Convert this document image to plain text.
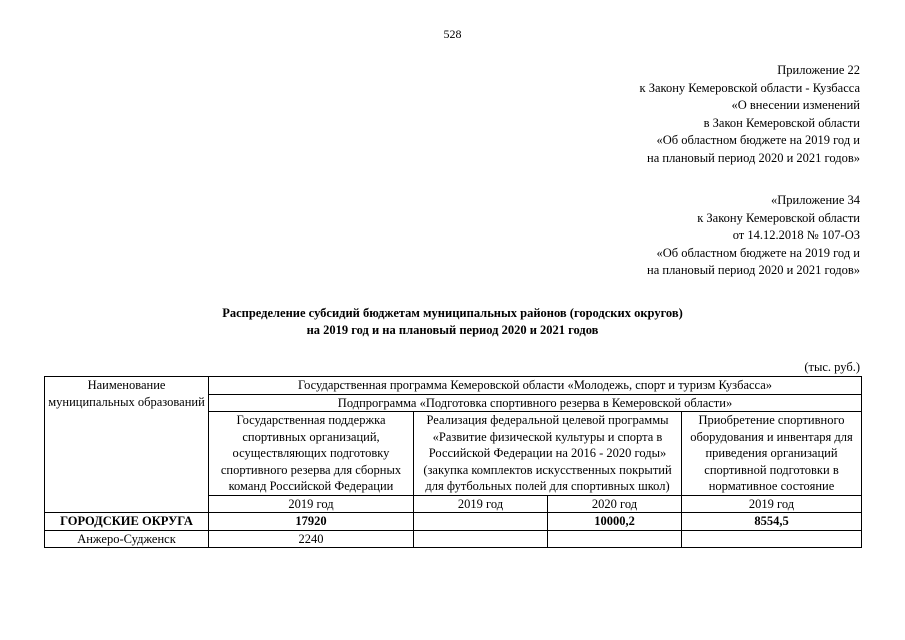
528
Приложение 22
к Закону Кемеровской области - Кузбасса
«О внесении изменений
в Закон Кемеровской области
«Об областном бюджете на 2019 год и
на плановый период 2020 и 2021 годов»
«Приложение 34
к Закону Кемеровской области
от 14.12.2018 № 107-ОЗ
«Об областном бюджете на 2019 год и
на плановый период 2020 и 2021 годов»
Распределение субсидий бюджетам муниципальных районов (городских округов)
на 2019 год и на плановый период 2020 и 2021 годов
(тыс. руб.)
Наименование муниципальных образований	Государственная программа Кемеровской области «Молодежь, спорт и туризм Кузбасса»			
	Подпрограмма «Подготовка спортивного резерва в Кемеровской области»			
	Государственная поддержка спортивных организаций, осуществляющих подготовку спортивного резерва для сборных команд Российской Федерации	Реализация федеральной целевой программы «Развитие физической культуры и спорта в Российской Федерации на 2016 - 2020 годы» (закупка комплектов искусственных покрытий для футбольных полей для спортивных школ)		Приобретение спортивного оборудования и инвентаря для приведения организаций спортивной подготовки в нормативное состояние
	2019 год	2019 год	2020 год	2019 год
ГОРОДСКИЕ ОКРУГА	17920		10000,2	8554,5
Анжеро-Судженск	2240			
